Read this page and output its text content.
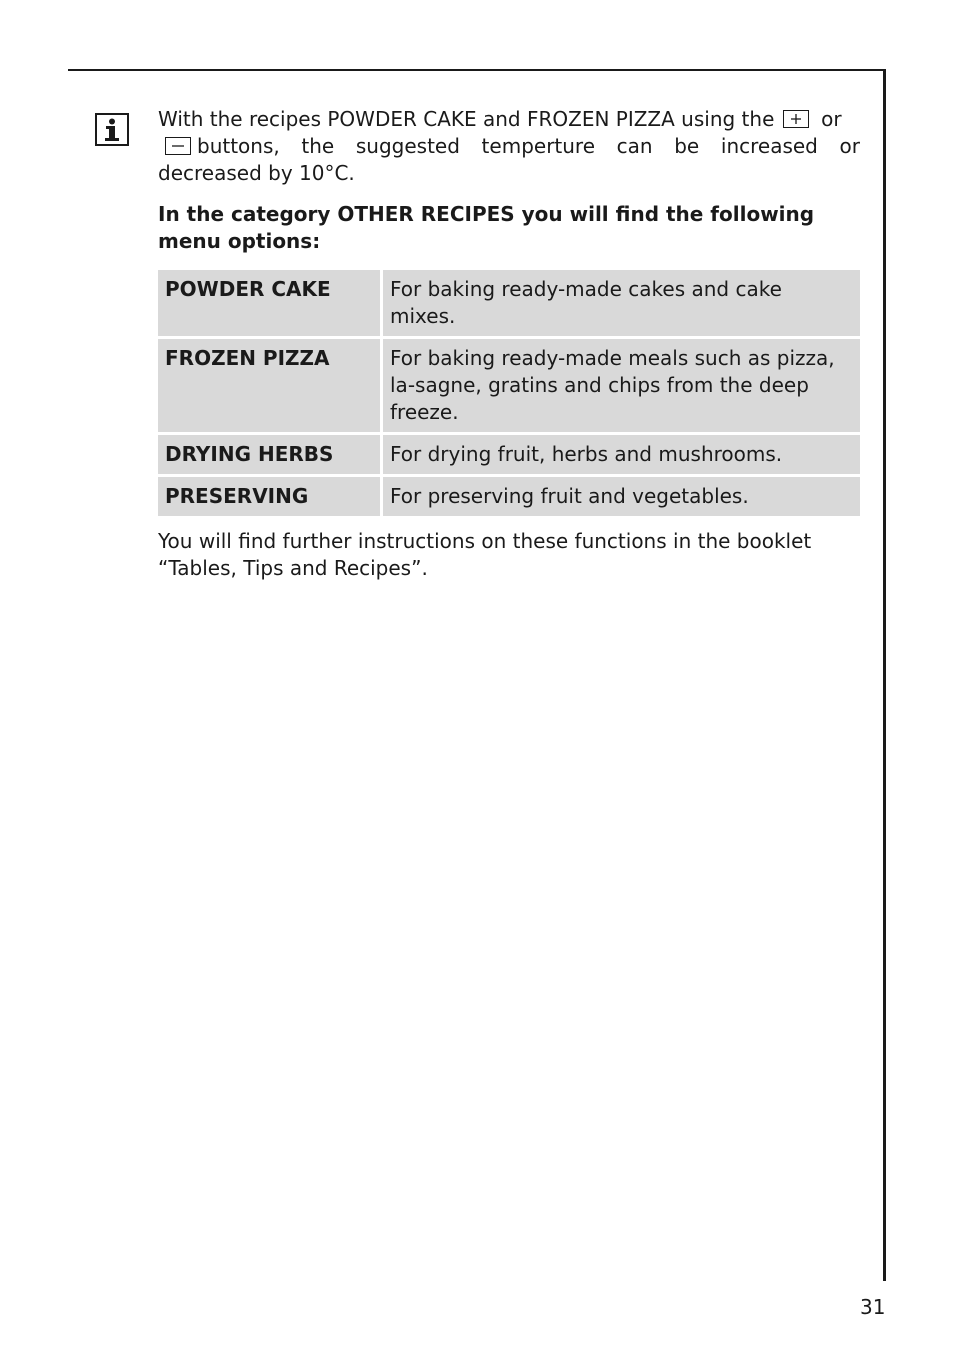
With the recipes POWDER CAKE and FROZEN PIZZA using the or

buttons, the suggested temperture can be increased or decreased by 10°C.

In the category OTHER RECIPES you will find the following menu options:

POWDER CAKE	For baking ready-made cakes and cake mixes.
FROZEN PIZZA	For baking ready-made meals such as pizza, la-sagne, gratins and chips from the deep freeze.
DRYING HERBS	For drying fruit, herbs and mushrooms.
PRESERVING	For preserving fruit and vegetables.

You will find further instructions on these functions in the booklet “Tables, Tips and Recipes”.

31
